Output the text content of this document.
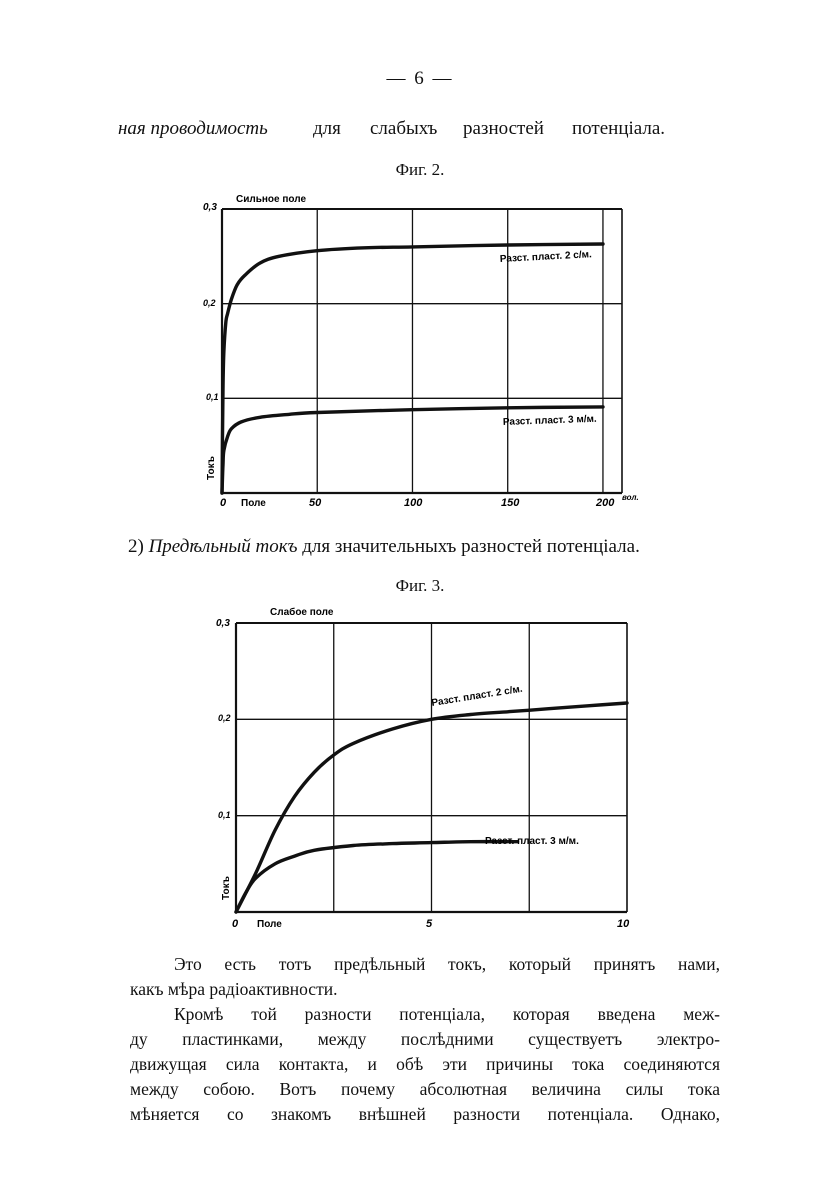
— 6 —
ная проводимость для слабыхъ разностей потенціала.
Фиг. 2.
Сильное поле
Поле
Токъ
вол.
Разст. пласт. 2 с/м.
Разст. пласт. 3 м/м.
0	50	100	150	200
0,1
0,2
0,3
2) Предѣльный токъ для значительныхъ разностей потенціала.
Фиг. 3.
Слабое поле
Поле
Токъ
Разст. пласт. 2 с/м.
Разст. пласт. 3 м/м.
0	5	10
0,1
0,2
0,3

Это есть тотъ предѣльный токъ, который принятъ нами,

какъ мѣра радіоактивности.

Кромѣ той разности потенціала, которая введена меж-

ду пластинками, между послѣдними существуетъ электро-

движущая сила контакта, и обѣ эти причины тока соединяются

между собою. Вотъ почему абсолютная величина силы тока

мѣняется со знакомъ внѣшней разности потенціала. Однако,
